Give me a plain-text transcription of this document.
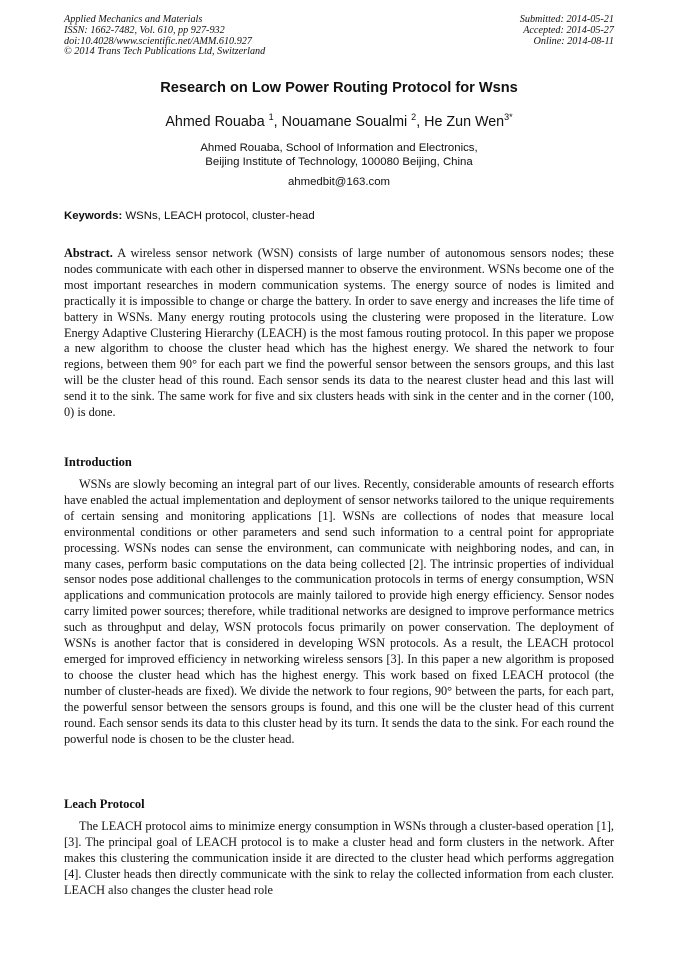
Applied Mechanics and Materials
ISSN: 1662-7482, Vol. 610, pp 927-932
doi:10.4028/www.scientific.net/AMM.610.927
© 2014 Trans Tech Publications Ltd, Switzerland
Submitted: 2014-05-21
Accepted: 2014-05-27
Online: 2014-08-11
Research on Low Power Routing Protocol for Wsns
Ahmed Rouaba $^1$, Nouamane Soualmi $^2$, He Zun Wen$^{3*}$
Ahmed Rouaba, School of Information and Electronics,
Beijing Institute of Technology, 100080 Beijing, China
ahmedbit@163.com
Keywords: WSNs, LEACH protocol, cluster-head

Abstract. A wireless sensor network (WSN) consists of large number of autonomous sensors nodes; these nodes communicate with each other in dispersed manner to observe the environment. WSNs become one of the most important researches in modern communication systems. The energy source of nodes is limited and practically it is impossible to change or charge the battery. In order to save energy and increases the life time of battery in WSNs. Many energy routing protocols using the clustering were proposed in the literature. Low Energy Adaptive Clustering Hierarchy (LEACH) is the most famous routing protocol. In this paper we propose a new algorithm to choose the cluster head which has the highest energy. We shared the network to four regions, between them 90° for each part we find the powerful sensor between the sensors groups, and this last will be the cluster head of this round. Each sensor sends its data to the nearest cluster head and this last will send it to the sink. The same work for five and six clusters heads with sink in the center and in the corner (100, 0) is done.

Introduction

WSNs are slowly becoming an integral part of our lives. Recently, considerable amounts of research efforts have enabled the actual implementation and deployment of sensor networks tailored to the unique requirements of certain sensing and monitoring applications [1]. WSNs are collections of nodes that measure local environmental conditions or other parameters and send such information to a central point for appropriate processing. WSNs nodes can sense the environment, can communicate with neighboring nodes, and can, in many cases, perform basic computations on the data being collected [2]. The intrinsic properties of individual sensor nodes pose additional challenges to the communication protocols in terms of energy consumption, WSN applications and communication protocols are mainly tailored to provide high energy efficiency. Sensor nodes carry limited power sources; therefore, while traditional networks are designed to improve performance metrics such as throughput and delay, WSN protocols focus primarily on power conservation. The deployment of WSNs is another factor that is considered in developing WSN protocols. As a result, the LEACH protocol emerged for improved efficiency in networking wireless sensors [3]. In this paper a new algorithm is proposed to choose the cluster head which has the highest energy. This work based on fixed LEACH protocol (the number of cluster-heads are fixed). We divide the network to four regions, 90° between the parts, for each part, the powerful sensor between the sensors groups is found, and this one will be the cluster head of this current round. Each sensor sends its data to this cluster head by its turn. It sends the data to the sink. For each round the powerful node is chosen to be the cluster head.

Leach Protocol

The LEACH protocol aims to minimize energy consumption in WSNs through a cluster-based operation [1], [3]. The principal goal of LEACH protocol is to make a cluster head and form clusters in the network. After makes this clustering the communication inside it are directed to the cluster head which performs aggregation [4]. Cluster heads then directly communicate with the sink to relay the collected information from each cluster. LEACH also changes the cluster head role
